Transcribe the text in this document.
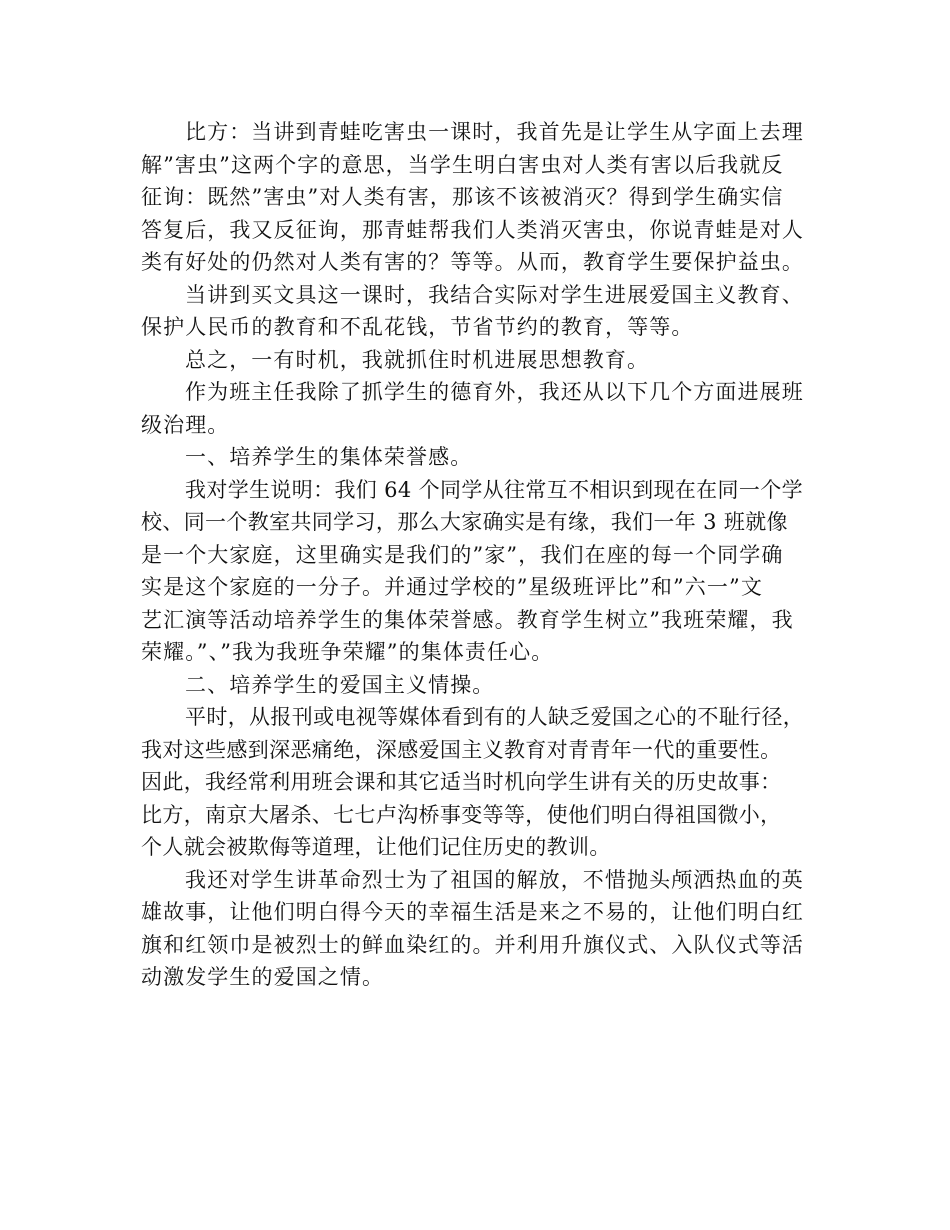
比方：当讲到青蛙吃害虫一课时，我首先是让学生从字面上去理
解”害虫”这两个字的意思，当学生明白害虫对人类有害以后我就反
征询：既然”害虫”对人类有害，那该不该被消灭？得到学生确实信
答复后，我又反征询，那青蛙帮我们人类消灭害虫，你说青蛙是对人
类有好处的仍然对人类有害的？等等。从而，教育学生要保护益虫。
当讲到买文具这一课时，我结合实际对学生进展爱国主义教育、
保护人民币的教育和不乱花钱，节省节约的教育，等等。
总之，一有时机，我就抓住时机进展思想教育。
作为班主任我除了抓学生的德育外，我还从以下几个方面进展班
级治理。
一、培养学生的集体荣誉感。
我对学生说明：我们 64 个同学从往常互不相识到现在在同一个学
校、同一个教室共同学习，那么大家确实是有缘，我们一年 3 班就像
是一个大家庭，这里确实是我们的”家”，我们在座的每一个同学确
实是这个家庭的一分子。并通过学校的”星级班评比”和”六一”文
艺汇演等活动培养学生的集体荣誉感。教育学生树立”我班荣耀，我
荣耀。”、”我为我班争荣耀”的集体责任心。
二、培养学生的爱国主义情操。
平时，从报刊或电视等媒体看到有的人缺乏爱国之心的不耻行径，
我对这些感到深恶痛绝，深感爱国主义教育对青青年一代的重要性。
因此，我经常利用班会课和其它适当时机向学生讲有关的历史故事：
比方，南京大屠杀、七七卢沟桥事变等等，使他们明白得祖国微小，
个人就会被欺侮等道理，让他们记住历史的教训。
我还对学生讲革命烈士为了祖国的解放，不惜抛头颅洒热血的英
雄故事，让他们明白得今天的幸福生活是来之不易的，让他们明白红
旗和红领巾是被烈士的鲜血染红的。并利用升旗仪式、入队仪式等活
动激发学生的爱国之情。
